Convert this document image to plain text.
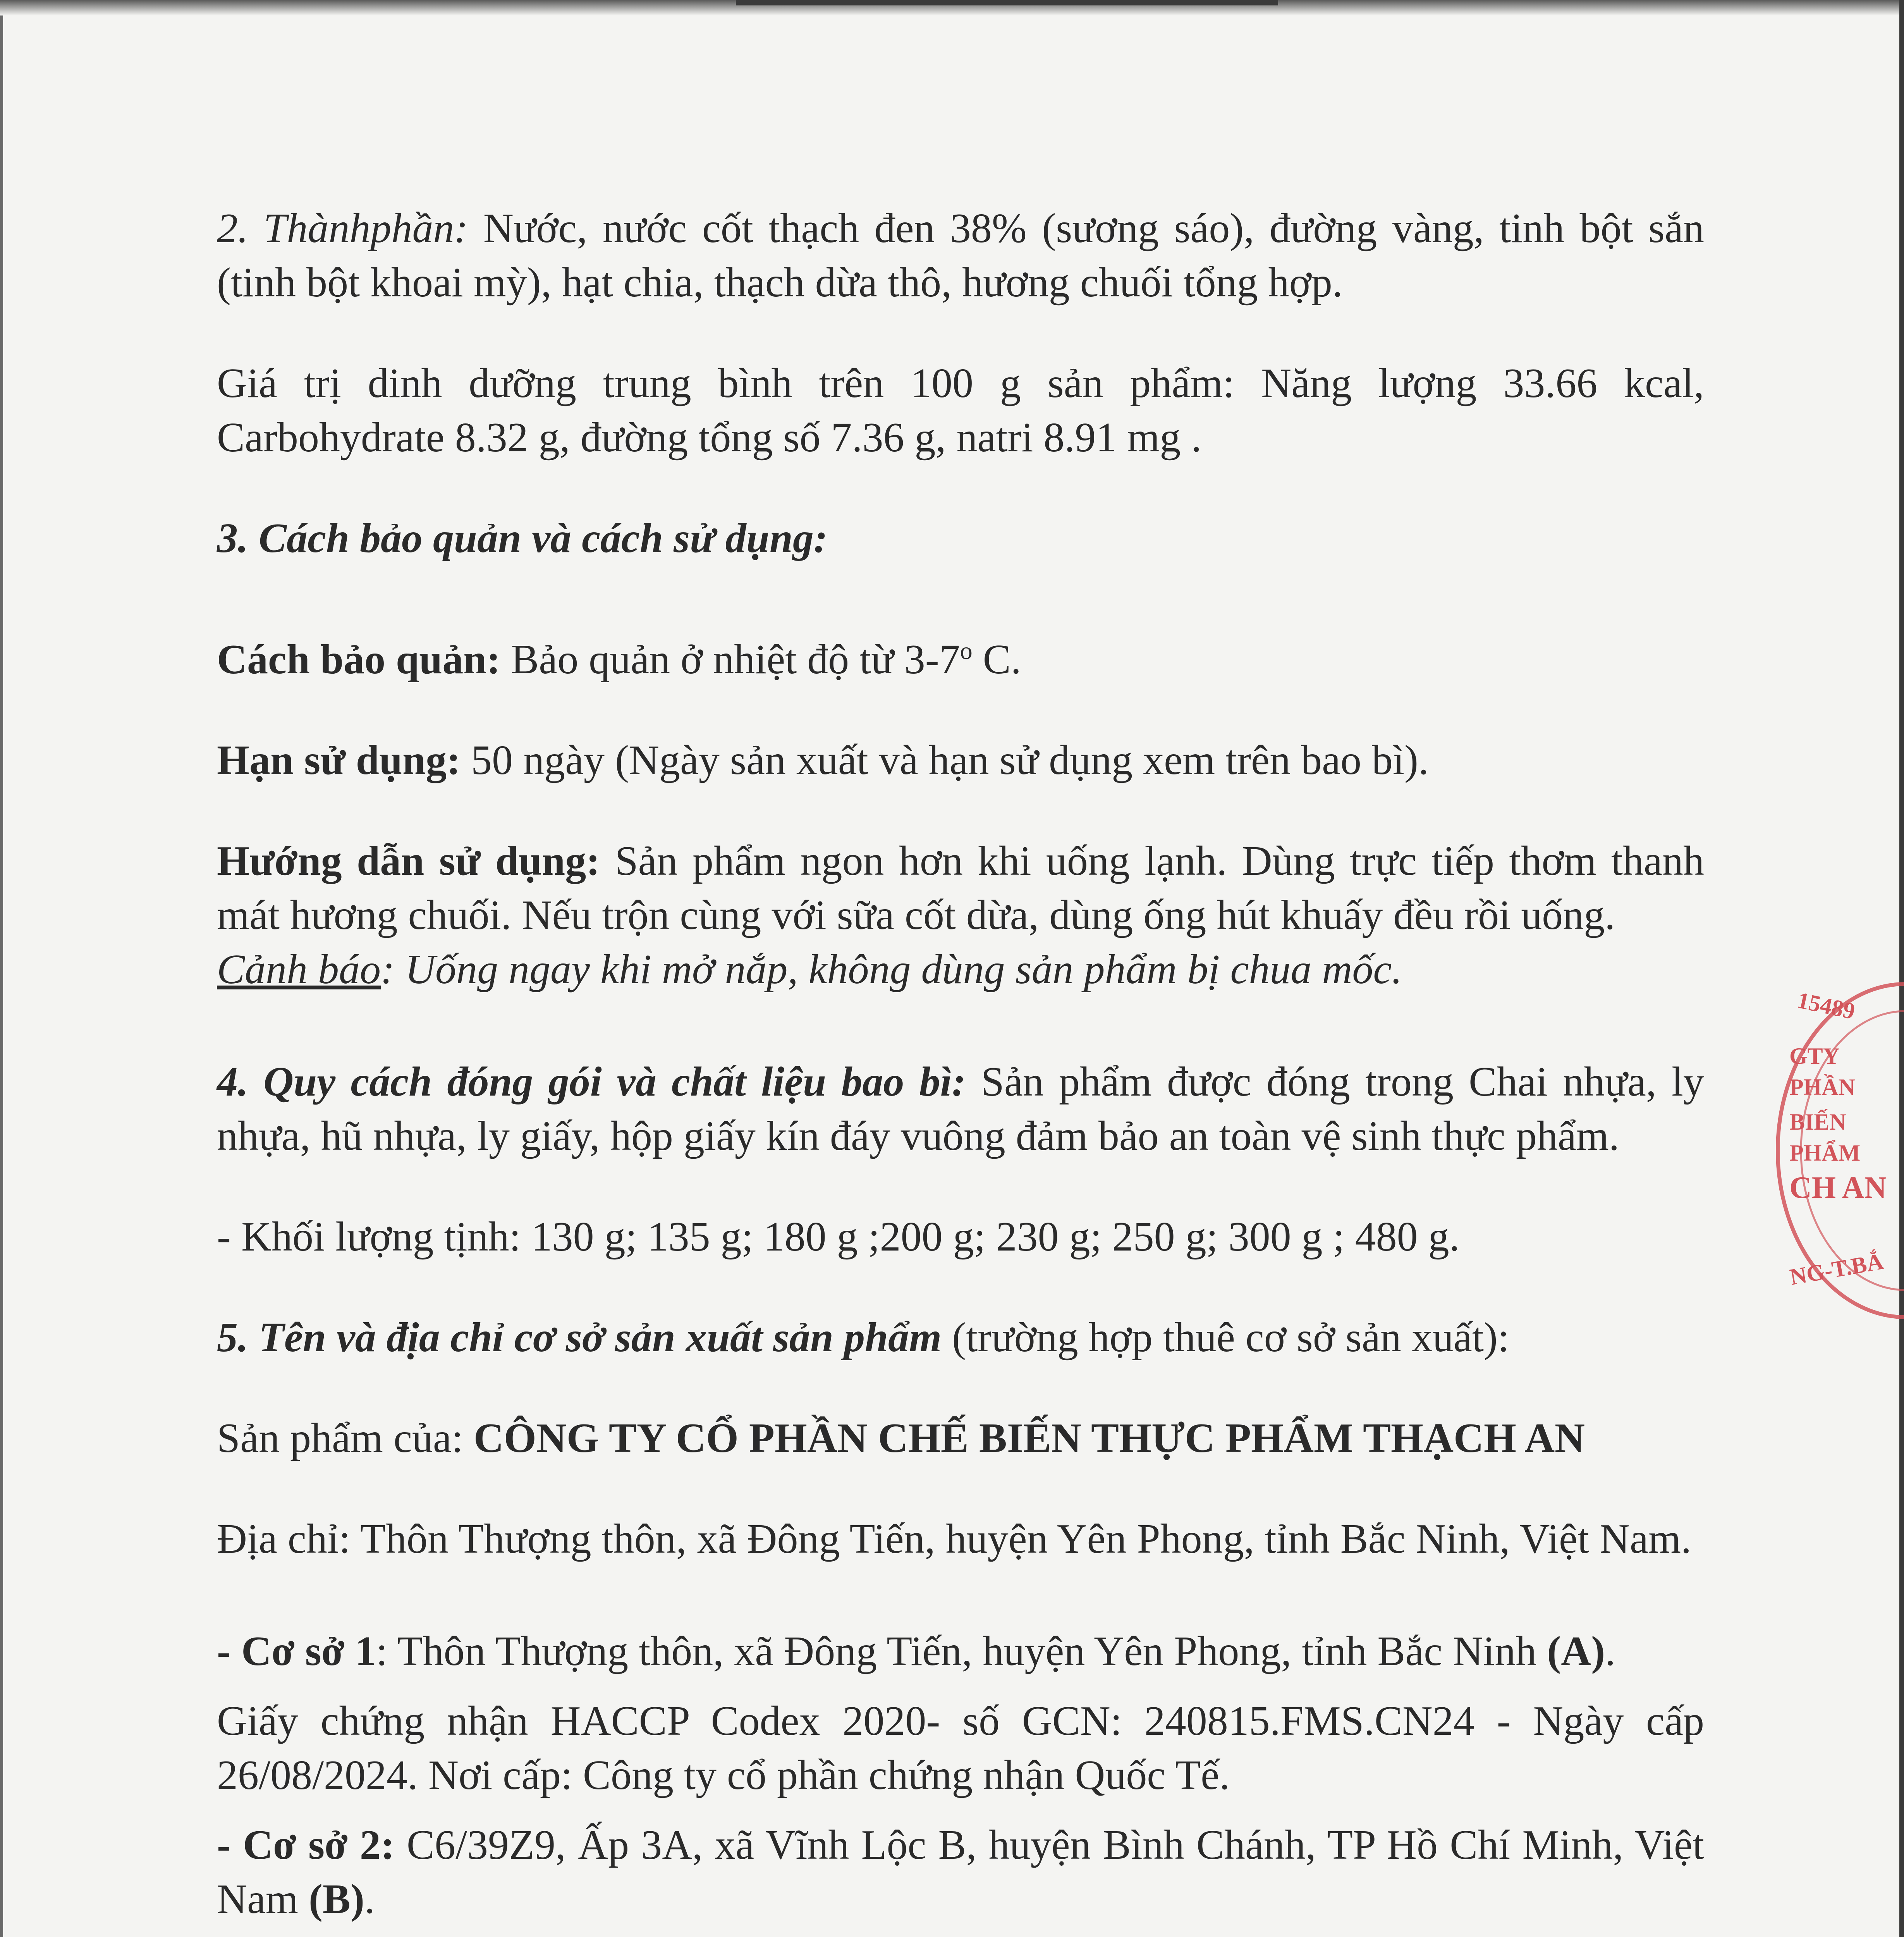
2. Thànhphần: Nước, nước cốt thạch đen 38% (sương sáo), đường vàng, tinh bột sắn (tinh bột khoai mỳ), hạt chia, thạch dừa thô, hương chuối tổng hợp.

Giá trị dinh dưỡng trung bình trên 100 g sản phẩm: Năng lượng 33.66 kcal, Carbohydrate 8.32 g, đường tổng số 7.36 g, natri 8.91 mg .

3. Cách bảo quản và cách sử dụng:

Cách bảo quản: Bảo quản ở nhiệt độ từ 3-7$^o$ C.

Hạn sử dụng: 50 ngày (Ngày sản xuất và hạn sử dụng xem trên bao bì).

Hướng dẫn sử dụng: Sản phẩm ngon hơn khi uống lạnh. Dùng trực tiếp thơm thanh mát hương chuối. Nếu trộn cùng với sữa cốt dừa, dùng ống hút khuấy đều rồi uống.
Cảnh báo: Uống ngay khi mở nắp, không dùng sản phẩm bị chua mốc.

4. Quy cách đóng gói và chất liệu bao bì: Sản phẩm được đóng trong Chai nhựa, ly nhựa, hũ nhựa, ly giấy, hộp giấy kín đáy vuông đảm bảo an toàn vệ sinh thực phẩm.

- Khối lượng tịnh: 130 g; 135 g; 180 g ;200 g; 230 g; 250 g; 300 g ; 480 g.

5. Tên và địa chỉ cơ sở sản xuất sản phẩm (trường hợp thuê cơ sở sản xuất):

Sản phẩm của: CÔNG TY CỔ PHẦN CHẾ BIẾN THỰC PHẨM THẠCH AN

Địa chỉ: Thôn Thượng thôn, xã Đông Tiến, huyện Yên Phong, tỉnh Bắc Ninh, Việt Nam.

- Cơ sở 1: Thôn Thượng thôn, xã Đông Tiến, huyện Yên Phong, tỉnh Bắc Ninh (A).

Giấy chứng nhận HACCP Codex 2020- số GCN: 240815.FMS.CN24 - Ngày cấp 26/08/2024. Nơi cấp: Công ty cổ phần chứng nhận Quốc Tế.

- Cơ sở 2: C6/39Z9, Ấp 3A, xã Vĩnh Lộc B, huyện Bình Chánh, TP Hồ Chí Minh, Việt Nam (B).

15489
GTY
PHẦN
BIẾN
PHẨM
CH AN
NG-T.BẮ
